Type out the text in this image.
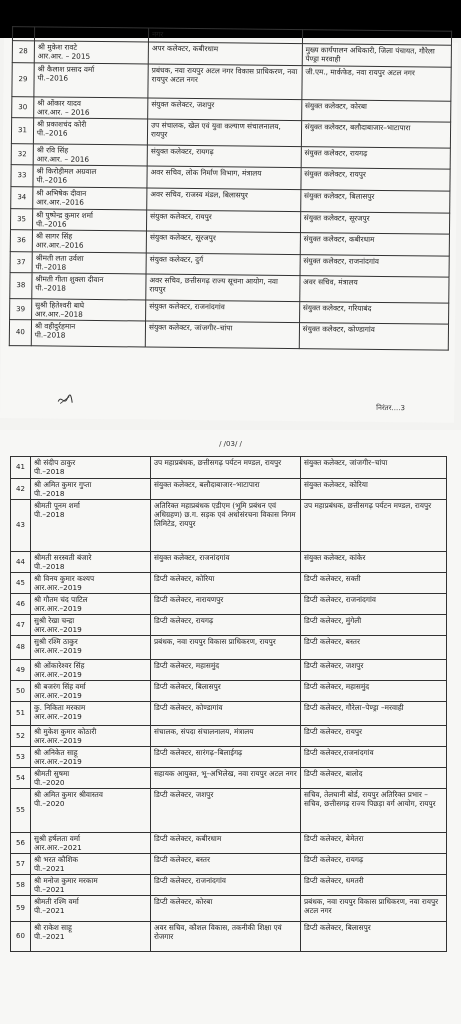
		नगर	
28	श्री मुकेश रावटे
आर.आर. – 2015	अपर कलेक्टर, कबीरधाम	मुख्य कार्यपालन अधिकारी, जिला पंचायत, गौरेला पेण्ड्रा मरवाही
29	श्री कैलाश प्रसाद वर्मा
पी.–2016	प्रबंधक, नवा रायपुर अटल नगर विकास प्राधिकरण, नवा रायपुर अटल नगर	जी.एम., मार्कफेड, नवा रायपुर अटल नगर
30	श्री ओंकार यादव
आर.आर. – 2016	संयुक्त कलेक्टर, जशपुर	संयुक्त कलेक्टर, कोरबा
31	श्री प्रकाशचंद कोरी
पी.–2016	उप संचालक, खेल एवं युवा कल्याण संचालनालय, रायपुर	संयुक्त कलेक्टर, बलौदाबाजार–भाटापारा
32	श्री रवि सिंह
आर.आर. – 2016	संयुक्त कलेक्टर, रायगढ़	संयुक्त कलेक्टर, रायगढ़
33	श्री किरोड़ीमल अग्रवाल
पी.–2016	अवर सचिव, लोक निर्माण विभाग, मंत्रालय	संयुक्त कलेक्टर, रायपुर
34	श्री अभिषेक दीवान
आर.आर.–2016	अवर सचिव, राजस्व मंडल, बिलासपुर	संयुक्त कलेक्टर, बिलासपुर
35	श्री पुष्पेन्द्र कुमार शर्मा
पी.–2016	संयुक्त कलेक्टर, रायपुर	संयुक्त कलेक्टर, सूरजपुर
36	श्री सागर सिंह
आर.आर.–2016	संयुक्त कलेक्टर, सूरजपुर	संयुक्त कलेक्टर, कबीरधाम
37	श्रीमती लता उर्वशा
पी.–2018	संयुक्त कलेक्टर, दुर्ग	संयुक्त कलेक्टर, राजनांदगांव
38	श्रीमती गीता शुक्ला दीवान
पी.–2018	अवर सचिव, छत्तीसगढ़ राज्य सूचना आयोग, नवा रायपुर	अवर सचिव, मंत्रालय
39	सुश्री हितेश्वरी बाघे
आर.आर.–2018	संयुक्त कलेक्टर, राजनांदगांव	संयुक्त कलेक्टर, गरियाबंद
40	श्री वहीदुर्रहमान
पी.–2018	संयुक्त कलेक्टर, जांजगीर–चांपा	संयुक्त कलेक्टर, कोण्डागांव
निरंतर....3
/ /03/ /
41	श्री संदीप ठाकुर
पी.–2018	उप महाप्रबंधक, छत्तीसगढ़ पर्यटन मण्डल, रायपुर	संयुक्त कलेक्टर, जांजगीर–चांपा
42	श्री अमित कुमार गुप्ता
पी.–2018	संयुक्त कलेक्टर, बलौदाबाजार–भाटापारा	संयुक्त कलेक्टर, कोरिया
43	श्रीमती पूनम शर्मा
पी.–2018	अतिरिक्त महाप्रबंधक एडीएम (भूमि प्रबंधन एवं अधिग्रहण) छ.ग. सड़क एवं अधोसंरचना विकास निगम लिमिटेड, रायपुर	उप महाप्रबंधक, छत्तीसगढ़ पर्यटन मण्डल, रायपुर
44	श्रीमती सरस्वती बंजारे
पी.–2018	संयुक्त कलेक्टर, राजनांदगांव	संयुक्त कलेक्टर, कांकेर
45	श्री विनय कुमार कश्यप
आर.आर.–2019	डिप्टी कलेक्टर, कोरिया	डिप्टी कलेक्टर, सक्ती
46	श्री गौतम चंद पाटिल
आर.आर.–2019	डिप्टी कलेक्टर, नारायणपुर	डिप्टी कलेक्टर, राजनांदगांव
47	सुश्री रेखा चन्द्रा
आर.आर.–2019	डिप्टी कलेक्टर, रायगढ़	डिप्टी कलेक्टर, मुंगेली
48	सुश्री रश्मि ठाकुर
आर.आर.–2019	प्रबंधक, नवा रायपुर विकास प्राधिकरण, रायपुर	डिप्टी कलेक्टर, बस्तर
49	श्री ओंकारेश्वर सिंह
आर.आर.–2019	डिप्टी कलेक्टर, महासमुंद	डिप्टी कलेक्टर, जशपुर
50	श्री बजरंग सिंह वर्मा
आर.आर.–2019	डिप्टी कलेक्टर, बिलासपुर	डिप्टी कलेक्टर, महासमुंद
51	कु. निकिता मरकाम
आर.आर.–2019	डिप्टी कलेक्टर, कोण्डागांव	डिप्टी कलेक्टर, गौरेला–पेण्ड्रा –मरवाही
52	श्री मुकेश कुमार कोठारी
आर.आर.–2019	संचालक, संपदा संचालनालय, मंत्रालय	डिप्टी कलेक्टर, रायपुर
53	श्री अनिकेत साहू
आर.आर.–2019	डिप्टी कलेक्टर, सारंगढ़–बिलाईगढ़	डिप्टी कलेक्टर,राजनांदगांव
54	श्रीमती सुषमा
पी.–2020	सहायक आयुक्त, भू–अभिलेख, नवा रायपुर अटल नगर	डिप्टी कलेक्टर, बालोद
55	श्री अमित कुमार श्रीवास्तव
पी.–2020	डिप्टी कलेक्टर, जशपुर	सचिव, तेलघानी बोर्ड, रायपुर अतिरिक्त प्रभार – सचिव, छत्तीसगढ़ राज्य पिछड़ा वर्ग आयोग, रायपुर
56	सुश्री हर्षलता वर्मा
आर.आर.–2021	डिप्टी कलेक्टर, कबीरधाम	डिप्टी कलेक्टर, बेमेतरा
57	श्री भरत कौशिक
पी.–2021	डिप्टी कलेक्टर, बस्तर	डिप्टी कलेक्टर, रायगढ़
58	श्री मनोज कुमार मरकाम
पी.–2021	डिप्टी कलेक्टर, राजनांदगांव	डिप्टी कलेक्टर, धमतरी
59	श्रीमती रश्मि वर्मा
पी.–2021	डिप्टी कलेक्टर, कोरबा	प्रबंधक, नवा रायपुर विकास प्राधिकरण, नवा रायपुर अटल नगर
60	श्री राकेश साहू
पी.–2021	अवर सचिव, कौशल विकास, तकनीकी शिक्षा एवं रोजगार	डिप्टी कलेक्टर, बिलासपुर
